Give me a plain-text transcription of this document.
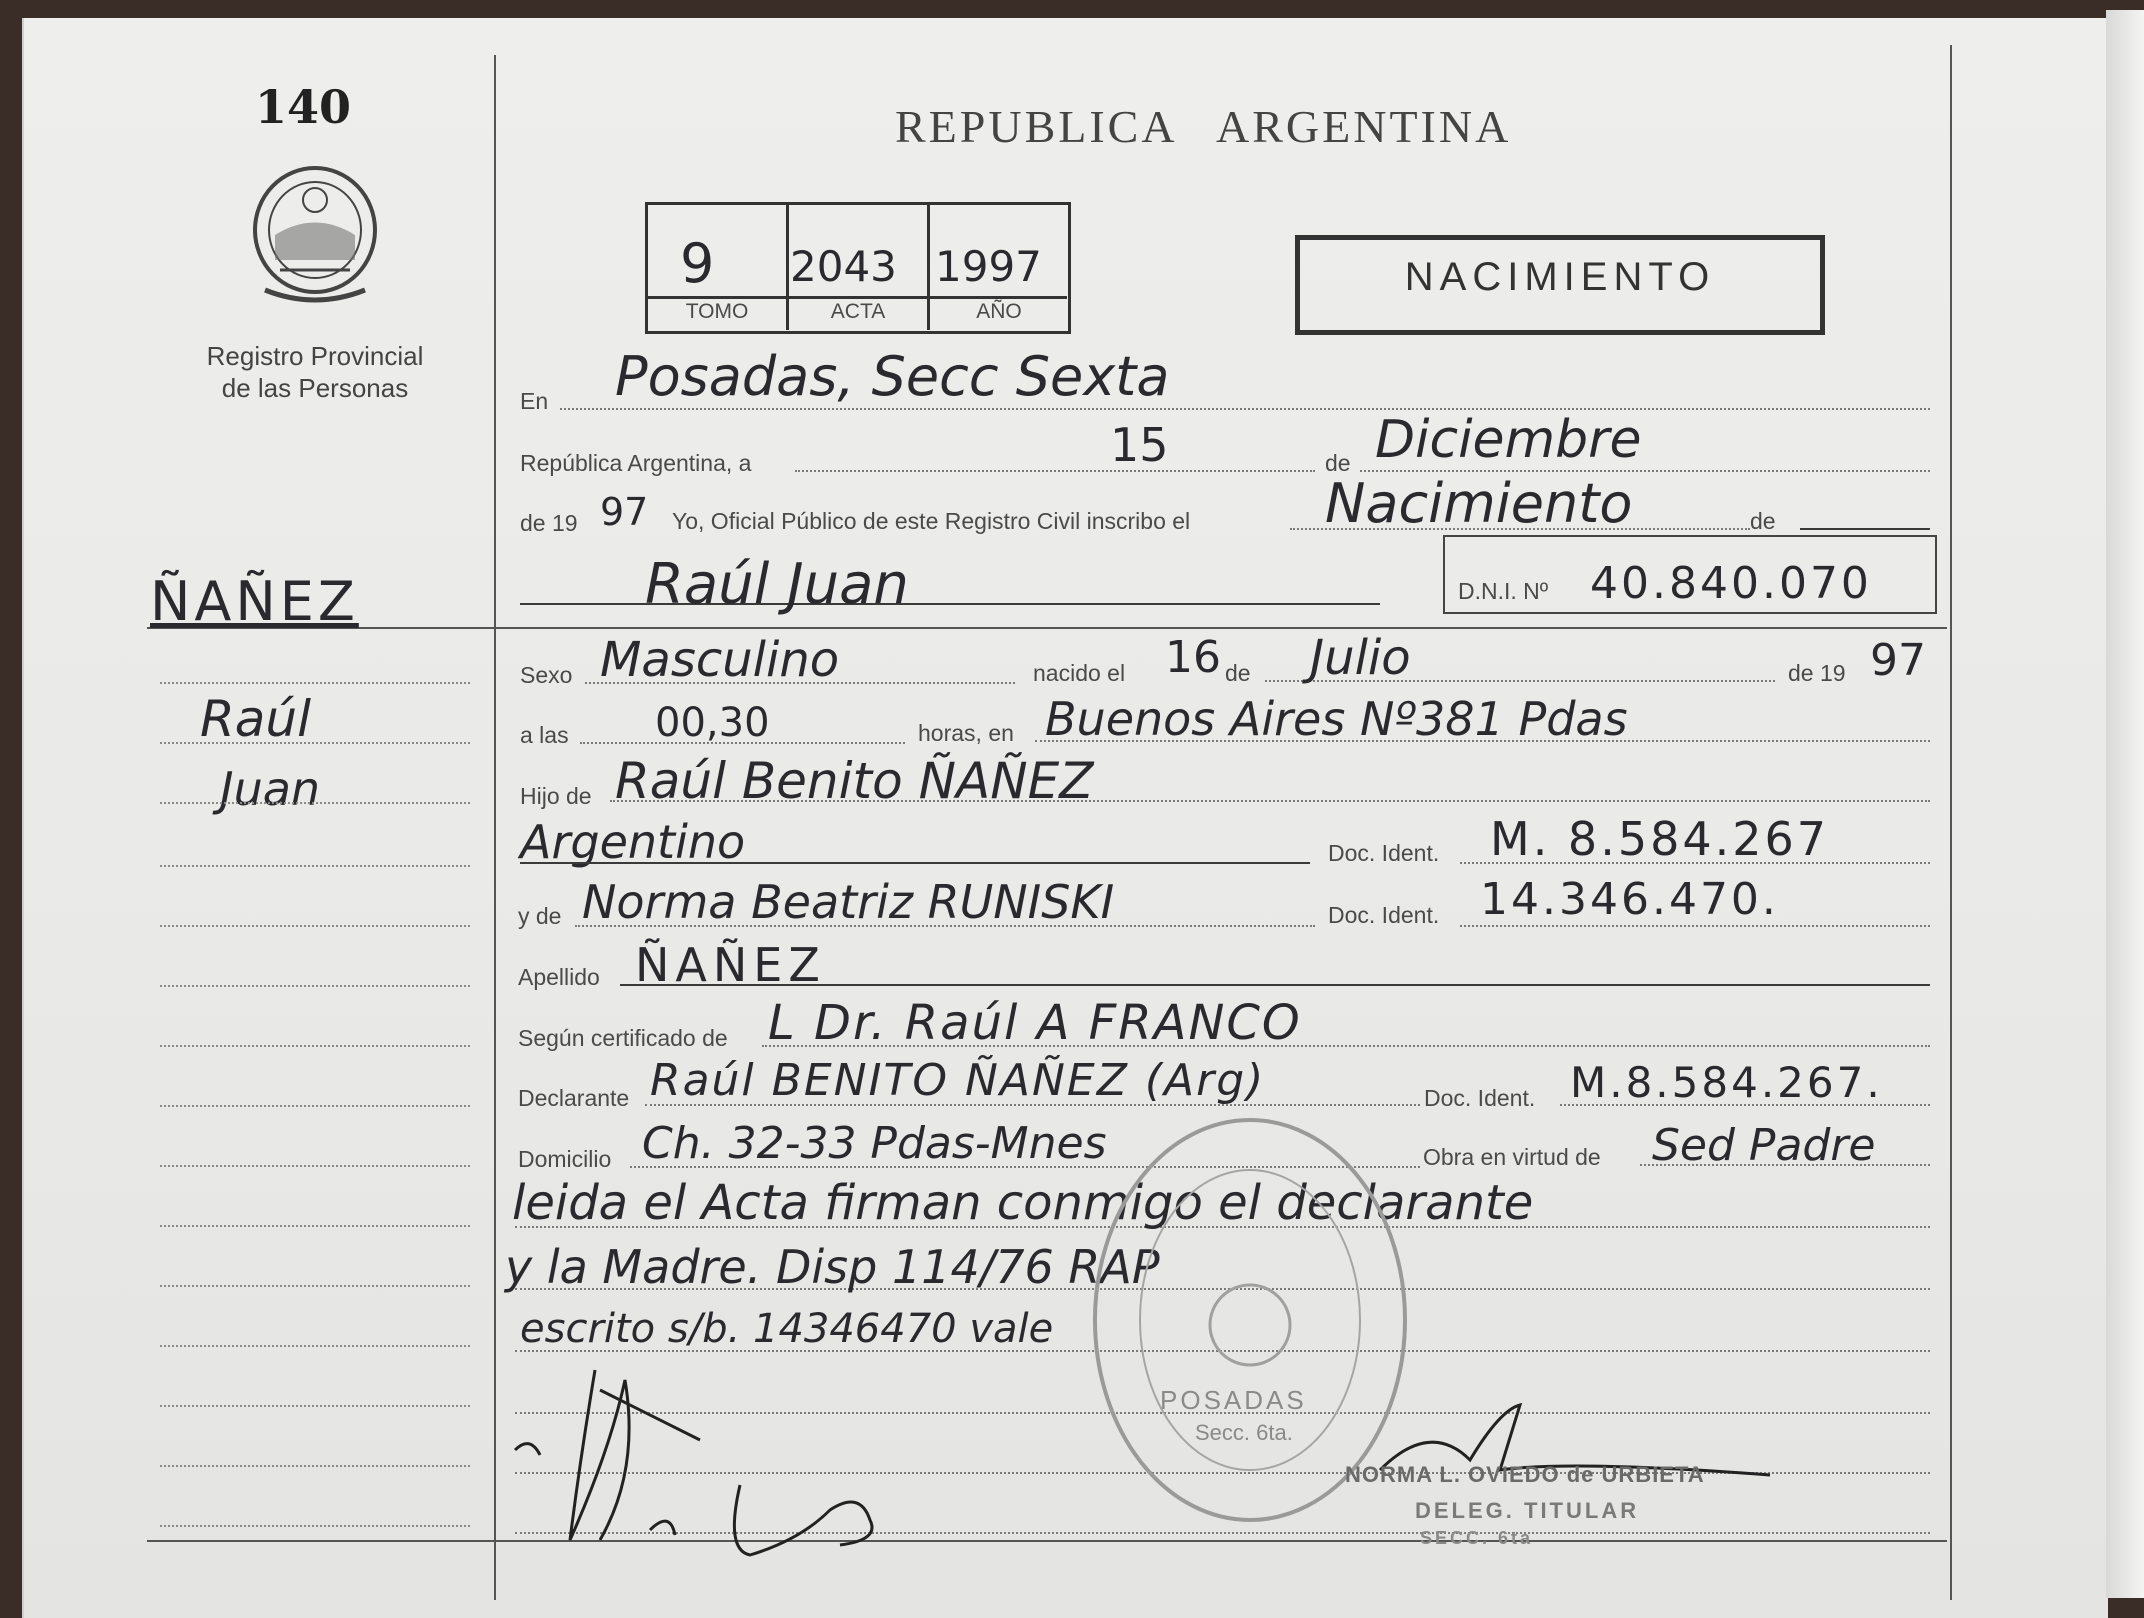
140
Registro Provincial
de las Personas
ÑAÑEZ
Raúl
Juan
REPUBLICA   ARGENTINA
9 2043 1997
TOMO	ACTA	AÑO
NACIMIENTO
En Posadas, Secc Sexta
República Argentina, a	15	de Diciembre
de 19 97 Yo, Oficial Público de este Registro Civil inscribo el Nacimiento	de
Raúl Juan	D.N.I. Nº 40.840.070
Sexo Masculino	nacido el 16 de Julio	de 19 97
a las 00,30	horas, en Buenos Aires Nº381 Pdas
Hijo de Raúl Benito ÑAÑEZ
Argentino	Doc. Ident. M. 8.584.267
y de Norma Beatriz RUNISKI	Doc. Ident. 14.346.470.
Apellido ÑAÑEZ
Según certificado de L Dr. Raúl A FRANCO
Declarante Raúl BENITO ÑAÑEZ (Arg)	Doc. Ident. M.8.584.267.
Domicilio Ch. 32-33 Pdas-Mnes	Obra en virtud de Sed Padre
leida el Acta firman conmigo el declarante
y la Madre. Disp 114/76 RAP
escrito s/b. 14346470 vale
POSADAS
Secc. 6ta.
NORMA L. OVIEDO de URBIETA
DELEG. TITULAR
SECC. 6ta
